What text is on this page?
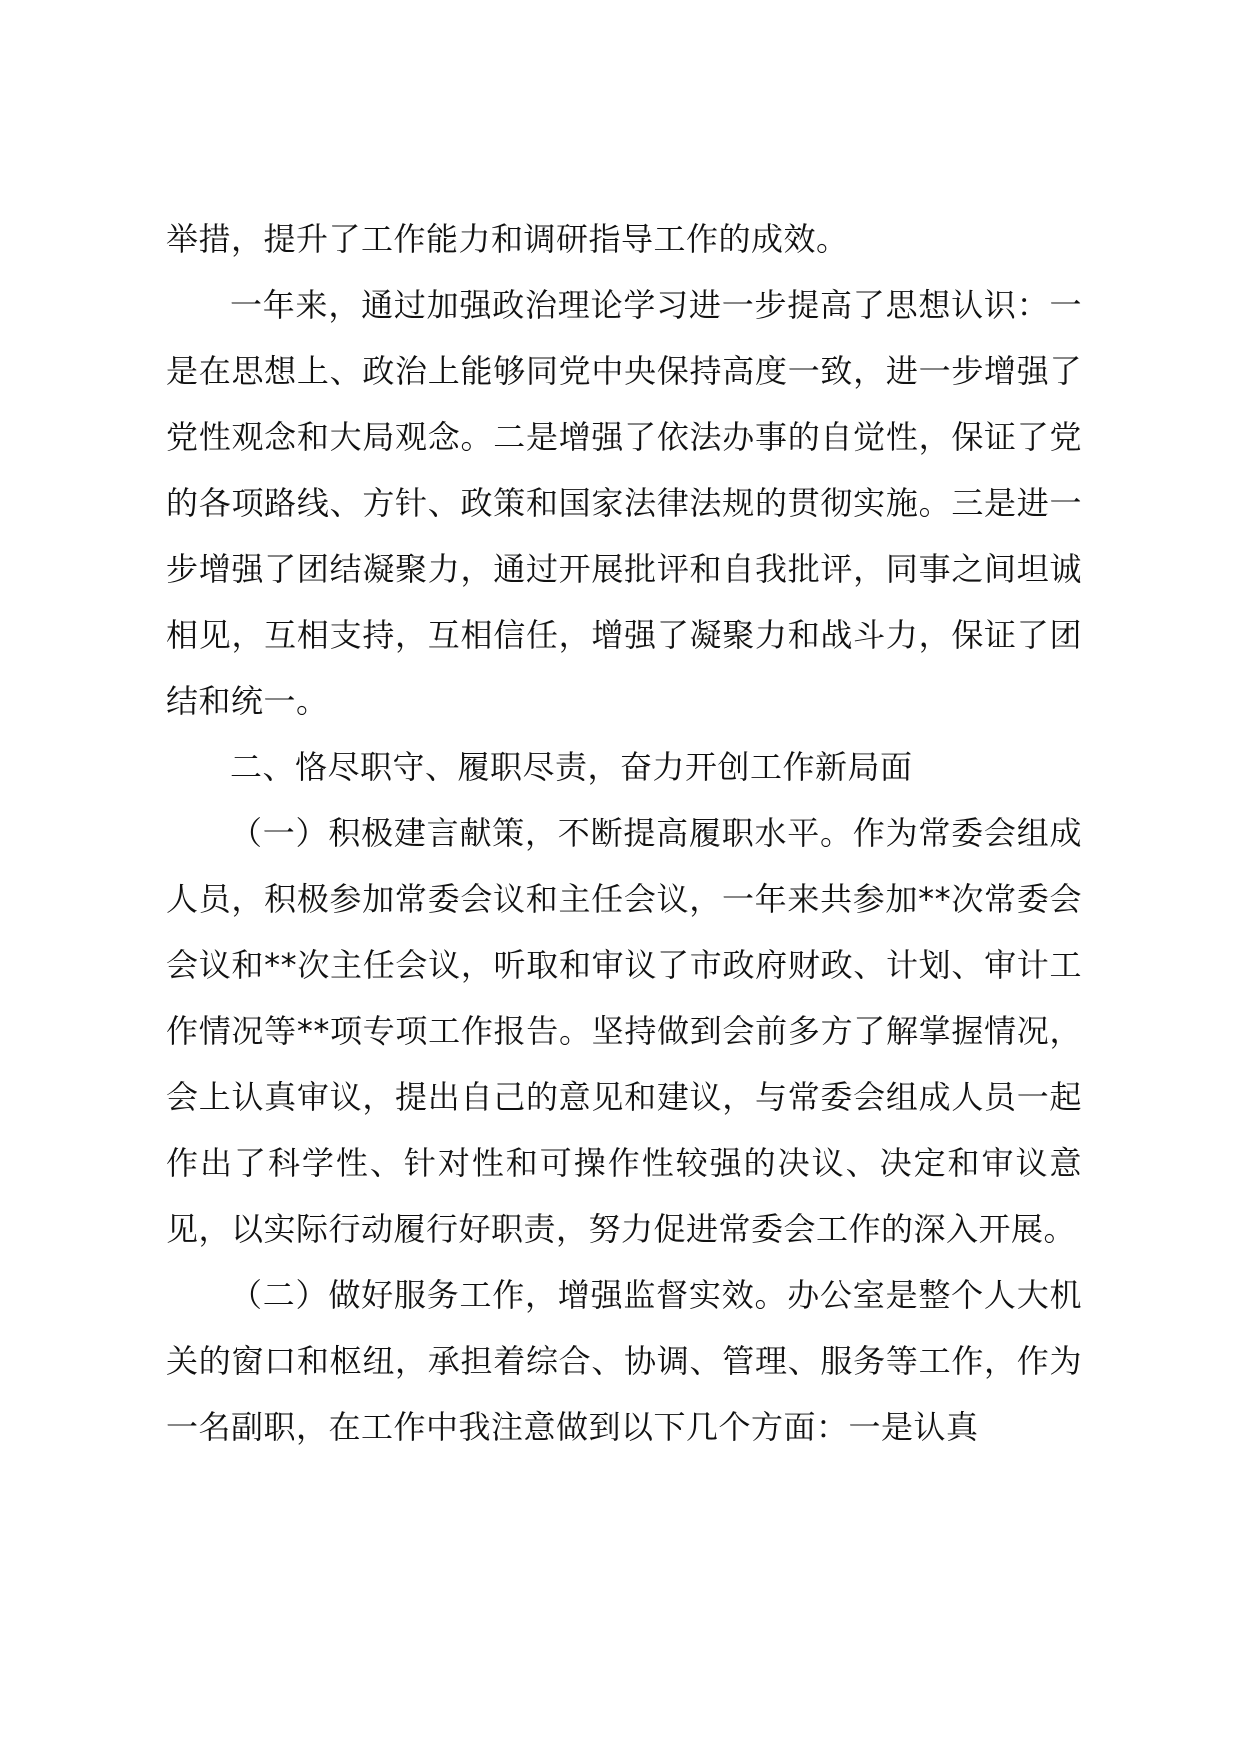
举措，提升了工作能力和调研指导工作的成效。

一年来，通过加强政治理论学习进一步提高了思想认识：一是在思想上、政治上能够同党中央保持高度一致，进一步增强了党性观念和大局观念。二是增强了依法办事的自觉性，保证了党的各项路线、方针、政策和国家法律法规的贯彻实施。三是进一步增强了团结凝聚力，通过开展批评和自我批评，同事之间坦诚相见，互相支持，互相信任，增强了凝聚力和战斗力，保证了团结和统一。

二、恪尽职守、履职尽责，奋力开创工作新局面

（一）积极建言献策，不断提高履职水平。作为常委会组成人员，积极参加常委会议和主任会议，一年来共参加**次常委会会议和**次主任会议，听取和审议了市政府财政、计划、审计工作情况等**项专项工作报告。坚持做到会前多方了解掌握情况，会上认真审议，提出自己的意见和建议，与常委会组成人员一起作出了科学性、针对性和可操作性较强的决议、决定和审议意见，以实际行动履行好职责，努力促进常委会工作的深入开展。

（二）做好服务工作，增强监督实效。办公室是整个人大机关的窗口和枢纽，承担着综合、协调、管理、服务等工作，作为一名副职，在工作中我注意做到以下几个方面：一是认真
